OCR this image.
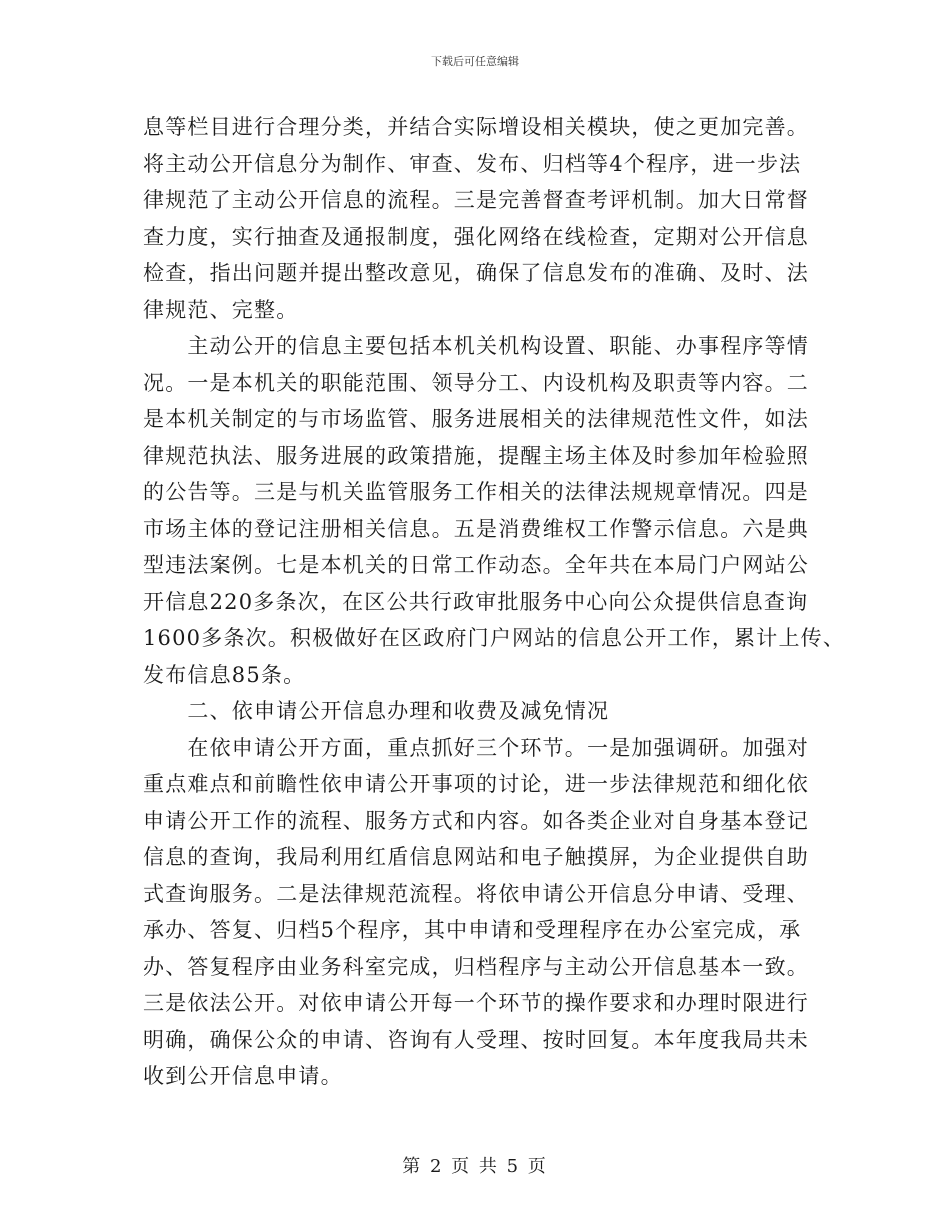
下载后可任意编辑
息等栏目进行合理分类，并结合实际增设相关模块，使之更加完善。
将主动公开信息分为制作、审查、发布、归档等4个程序，进一步法
律规范了主动公开信息的流程。三是完善督查考评机制。加大日常督
查力度，实行抽查及通报制度，强化网络在线检查，定期对公开信息
检查，指出问题并提出整改意见，确保了信息发布的准确、及时、法
律规范、完整。
　　主动公开的信息主要包括本机关机构设置、职能、办事程序等情
况。一是本机关的职能范围、领导分工、内设机构及职责等内容。二
是本机关制定的与市场监管、服务进展相关的法律规范性文件，如法
律规范执法、服务进展的政策措施，提醒主场主体及时参加年检验照
的公告等。三是与机关监管服务工作相关的法律法规规章情况。四是
市场主体的登记注册相关信息。五是消费维权工作警示信息。六是典
型违法案例。七是本机关的日常工作动态。全年共在本局门户网站公
开信息220多条次，在区公共行政审批服务中心向公众提供信息查询
1600多条次。积极做好在区政府门户网站的信息公开工作，累计上传、
发布信息85条。
　　二、依申请公开信息办理和收费及减免情况
　　在依申请公开方面，重点抓好三个环节。一是加强调研。加强对
重点难点和前瞻性依申请公开事项的讨论，进一步法律规范和细化依
申请公开工作的流程、服务方式和内容。如各类企业对自身基本登记
信息的查询，我局利用红盾信息网站和电子触摸屏，为企业提供自助
式查询服务。二是法律规范流程。将依申请公开信息分申请、受理、
承办、答复、归档5个程序，其中申请和受理程序在办公室完成，承
办、答复程序由业务科室完成，归档程序与主动公开信息基本一致。
三是依法公开。对依申请公开每一个环节的操作要求和办理时限进行
明确，确保公众的申请、咨询有人受理、按时回复。本年度我局共未
收到公开信息申请。
第 2 页 共 5 页
